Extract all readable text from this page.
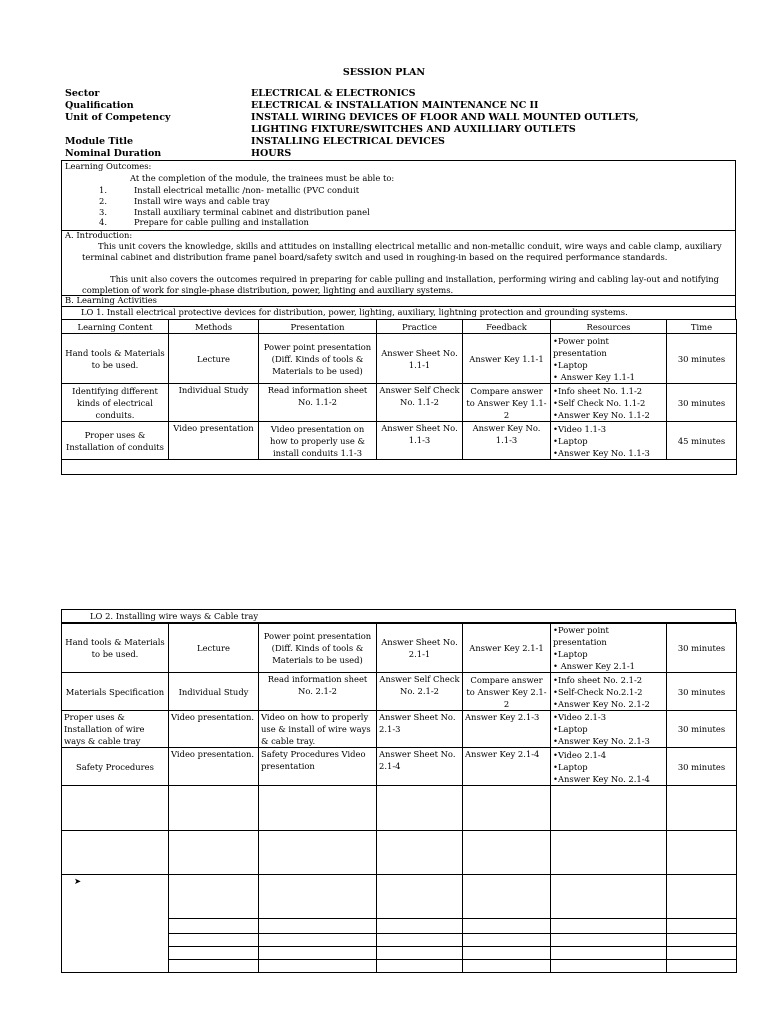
SESSION PLAN
Sector	ELECTRICAL & ELECTRONICS
Qualification	ELECTRICAL & INSTALLATION MAINTENANCE NC II
Unit of Competency	INSTALL WIRING DEVICES OF FLOOR AND WALL MOUNTED OUTLETS, LIGHTING FIXTURE/SWITCHES AND AUXILLIARY OUTLETS
Module Title	INSTALLING ELECTRICAL DEVICES
Nominal Duration	HOURS
Learning Outcomes:
At the completion of the module, the trainees must be able to:
1.	Install electrical metallic /non- metallic (PVC conduit
2.	Install wire ways and cable tray
3.	Install auxiliary terminal cabinet and distribution panel
4.	Prepare for cable pulling and installation
A. Introduction:
This unit covers the knowledge, skills and attitudes on installing electrical metallic and non-metallic conduit, wire ways and cable clamp, auxiliary terminal cabinet and distribution frame panel board/safety switch and used in roughing-in based on the required performance standards.
This unit also covers the outcomes required in preparing for cable pulling and installation, performing wiring and cabling lay-out and notifying completion of work for single-phase distribution, power, lighting and auxiliary systems.
B. Learning Activities
LO 1. Install electrical protective devices for distribution, power, lighting, auxiliary, lightning protection and grounding systems.
Learning Content	Methods	Presentation	Practice	Feedback	Resources	Time
Hand tools & Materials to be used.	Lecture	Power point presentation (Diff. Kinds of tools & Materials to be used)	Answer Sheet No. 1.1-1	Answer Key 1.1-1	•Power point presentation
•Laptop
• Answer Key 1.1-1	30 minutes
Identifying different kinds of electrical conduits.	Individual Study	Read information sheet No. 1.1-2	Answer Self Check No. 1.1-2	Compare answer to Answer Key 1.1-2	•Info sheet No. 1.1-2
•Self Check No. 1.1-2
•Answer Key No. 1.1-2	30 minutes
Proper uses & Installation of conduits	Video presentation	Video presentation on how to properly use & install conduits 1.1-3	Answer Sheet No. 1.1-3	Answer Key No. 1.1-3	•Video 1.1-3
•Laptop
•Answer Key No. 1.1-3	45 minutes

LO 2. Installing wire ways & Cable tray
Hand tools & Materials to be used.	Lecture	Power point presentation (Diff. Kinds of tools & Materials to be used)	Answer Sheet No. 2.1-1	Answer Key 2.1-1	•Power point presentation
•Laptop
• Answer Key 2.1-1	30 minutes
Materials Specification	Individual Study	Read information sheet No. 2.1-2	Answer Self Check No. 2.1-2	Compare answer to Answer Key 2.1-2	•Info sheet No. 2.1-2
•Self-Check No.2.1-2
•Answer Key No. 2.1-2	30 minutes
Proper uses & Installation of wire ways & cable tray	Video presentation.	Video on how to properly use & install of wire ways & cable tray.	Answer Sheet No. 2.1-3	Answer Key 2.1-3	•Video 2.1-3
•Laptop
•Answer Key No. 2.1-3	30 minutes
Safety Procedures	Video presentation.	Safety Procedures Video presentation	Answer Sheet No. 2.1-4	Answer Key 2.1-4	•Video 2.1-4
•Laptop
•Answer Key No. 2.1-4	30 minutes

➤						
